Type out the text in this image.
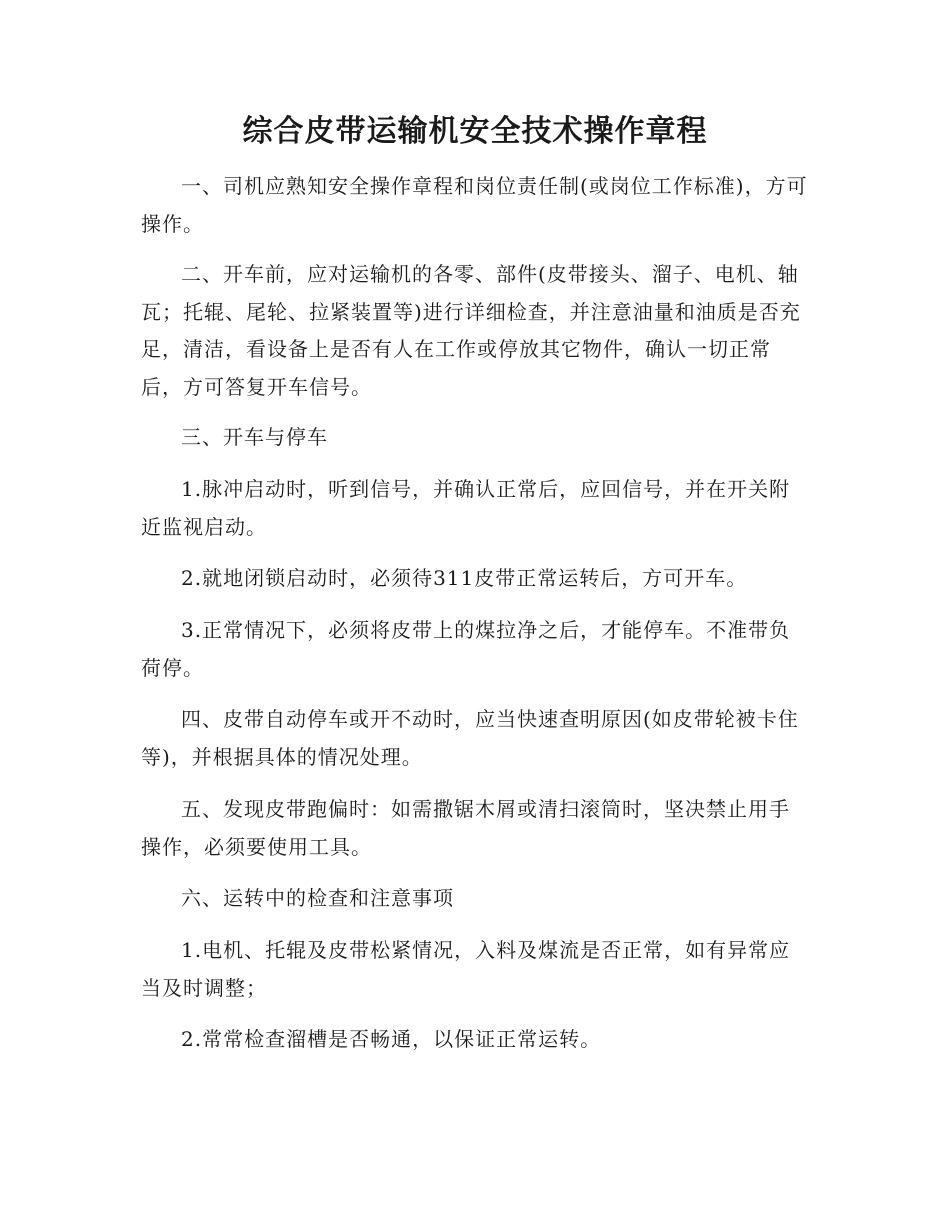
综合皮带运输机安全技术操作章程

一、司机应熟知安全操作章程和岗位责任制(或岗位工作标准)，方可操作。

二、开车前，应对运输机的各零、部件(皮带接头、溜子、电机、轴瓦；托辊、尾轮、拉紧装置等)进行详细检查，并注意油量和油质是否充足，清洁，看设备上是否有人在工作或停放其它物件，确认一切正常后，方可答复开车信号。

三、开车与停车

1.脉冲启动时，听到信号，并确认正常后，应回信号，并在开关附近监视启动。

2.就地闭锁启动时，必须待311皮带正常运转后，方可开车。

3.正常情况下，必须将皮带上的煤拉净之后，才能停车。不准带负荷停。

四、皮带自动停车或开不动时，应当快速查明原因(如皮带轮被卡住等)，并根据具体的情况处理。

五、发现皮带跑偏时：如需撒锯木屑或清扫滚筒时，坚决禁止用手操作，必须要使用工具。

六、运转中的检查和注意事项

1.电机、托辊及皮带松紧情况，入料及煤流是否正常，如有异常应当及时调整；

2.常常检查溜槽是否畅通，以保证正常运转。
